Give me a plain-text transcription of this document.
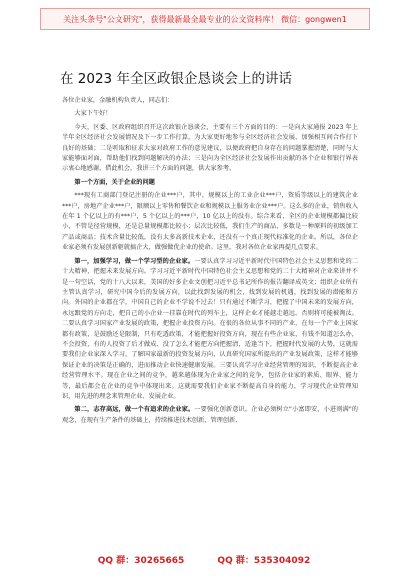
关注头条号"公文研究"，获得最新最全最专业的公文资料库！ 微信：gongwen1
在 2023 年全区政银企恳谈会上的讲话

各位企业家，金融机构负责人，同志们：

大家下午好！

今天，区委、区政府组织召开这次政银企恳谈会，主要有三个方面的目的：一是向大家通报 2023 年上半年全区经济社会发展情况及下一步工作打算，为大家更好地参与全区经济社会发展、加强相互间合作打下良好的基础；二是听取和征求大家对政府工作的意见建议，以便政府把自身存在的问题掌握清楚，同时与大家能够面对面，帮助他们找到问题解决的办法；三是向为全区经济社会发展作出贡献的各个企业和银行界表示衷心地感谢，借此机会，我讲三个方面的问题，供大家参考。

第一个方面，关于企业的问题

***现有工商部门登记注册的企业***户，其中，规模以上的工业企业***户，资质等级以上的建筑企业***户，房地产企业***户，限额以上零售和餐饮企业和规模以上服务业企业***户。这么多的企业，销售收入在年 1 个亿以上的有***户，5 个亿以上的***户，10 亿以上的没有。综合来看，全区的企业规模都偏比较小，不管是径营规模，还是总量规模都比较小；层次比较低，我们生产的商品，多数是一种原料的初级加工产品或商品；技术含量比较低，没有太多高新技术企业，还没有一个真正现代标准化的企业。所以，各位企业家必须有发展创新驱就搞企大，做强做优企业的使命。这里，我对各位企业家再提几点要求。

第一，加强学习，做一个学习型的企业家。一要认真学习习近平新时代中国特色社会主义思想和党的二十大精神，把握未来发展方向。学习习近平新时代中国特色社会主义思想和党的二十大精神对企业来讲并不是一句空话，党的十八大以来，美国的好多企业文创把习近平总书记所作的报告翻译成英文；组织企业所有主管认真学习，研究中国今后的发展方向，以此找到发展的机会，找到发展的机遇，找到发展的潜能和方向。外国的企业都在学，中国自己的企业不学说不过去！只有通过不断学习，把握了中国未来的发展方向，永远跟党的方向走，把自己的小企业一挂靠在时代的列车上，这样企业才能越走越远。否则将可能被淘汰。二要认真学习国家产业发展的政策，把握企业投资方向。在很的各位从事不同的产业，在每一个产业上国家都有政策，是鼓励还是限制，只有吃透政策，才能把握好投资方向，现在有些企业家，有钱不知道怎么办，不会投资，有的人投资了后才做成、没了怎么才能把方向把握清，适逢当下，把握时代发展的大势，这就需要我们企业家深入学习，了解国家最新的投资发展方向，认真研究国家所提出的产业发展政策，这样才能够保证企业的决策是正确的，进而推动企业快速健康发展。三要认真学习企业经营管理的知识，不断提高企业经营管理水平。现在企业之间的竞争，越来越体现为企业家之间的竞争，包括企业家的素质、眼界、能力等，最后都会在企业的竞争中体现出来。这就需要我们企业家不断提高自身的能力，学习现代企业管理知识，用先进的理念来管理企业、发展企业。

第二，志存高远，做一个有追求的企业家。一要强化创新意识。企业必须树立"小富即安、小进则满"的观念，在现有生产条件的基础上，持续推进技术创新、管理创新、

QQ 群：30265665	QQ 群：535304092
